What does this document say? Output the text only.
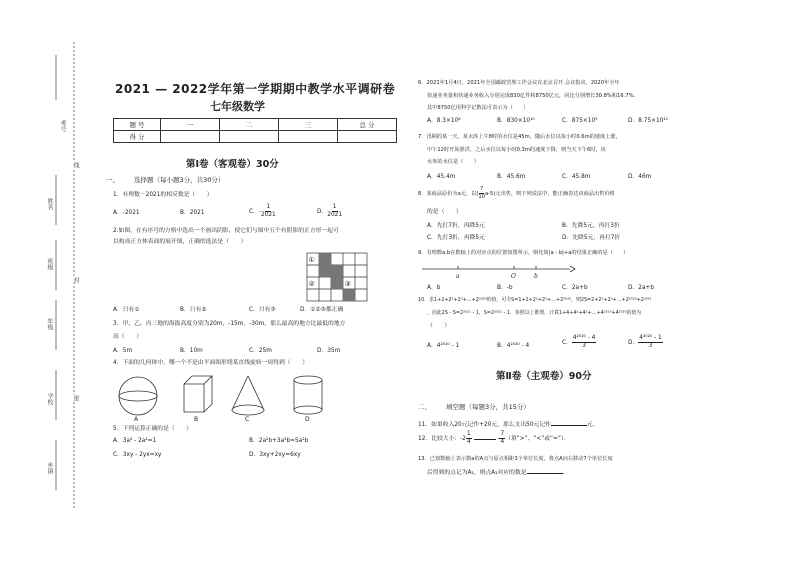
考号
姓名
班级
年级
学校
乡镇
线
封
密
2021 — 2022学年第一学期期中教学水平调研卷
七年级数学
题 号	一	二	三	总 分
得 分				
第Ⅰ卷（客观卷）30分
一、 选择题（每小题3分，共30分）
1．有理数－2021的相反数是（　　）
A．-2021	B．2021	C．- $\frac{1}{2021}$	D． $\frac{1}{2021}$
2.如图，在有序号的方格中选出一个画出阴影，使它们与图中五个有阴影的正方形一起可
以构成正方体表面的展开图，正确的选法是（　　）
①
②	③
A．只有①	B．只有②	C．只有③	D．①②③都正确
3．甲、乙、丙三地的海拔高度分别为20m，-15m，-30m，那么最高的地方比最低的地方
高（　　）
A．5m	B．10m	C．25m	D．35m
4．下面的几何体中，哪一个不是由平面图形绕某直线旋转一周得到（　　）
A	B	C	D
5．下列运算正确的是（　　）
A．3a² - 2a²=1	B．2a²b+3a²b=5a²b
C．3xy - 2yx=xy	D．3xy+2xy=6xy
6．2021年1月4日，2021年全国邮政管理工作会议在北京召开.会议指出，2020年全年
快递业务量和快递业务收入分别完成830亿件和8750亿元，同比分别增长30.8%和16.7%.
其中8750亿用科学记数法可表示为（　　）
A．8.3×10⁸	B．830×10¹⁰	C．875×10⁹	D．8.75×10¹¹
7．汛期的某一天，某水库上午8时的水位是45m，随后水位以每小时0.6m的速度上涨，
中午12时开始泄洪，之后水位以每小时0.3m的速度下降，则当天下午6时，该
水库的水位是（　　）
A．45.4m	B．45.6m	C．45.8m	D．46m
8．某商品原价为a元，以( $\frac{7}{10} a-5$)元出售，则下列说法中，能正确表达该商品出售价格
的是（　　）
A．先打7折，再降5元	B．先降5元，再打3折
C．先打3折，再降5元	D．先降5元，再打7折
9．有理数a,b在数轴上的对应点的位置如图所示，则化简|a - b|+a的结果正确的是（　　）
a	O	b
A．b	B．-b	C．2a+b	D．2a+b
10．求1+2+2²+2³+…+2²⁰²⁰的值，可令S=1+2+2²+2³+…+2²⁰²⁰，则2S=2+2²+2³+…+2²⁰²⁰+2²⁰²¹
，因此2S - S=2²⁰²¹ - 1，S=2²⁰²¹ - 1．参照以上推理，计算1+4+4²+4³+…+4²⁰¹⁹+4²⁰²⁰的值为
（　　）
A．4²⁰²⁰ - 1	B．4²⁰²⁰ - 4	C． $\frac{\text{4²⁰²⁰ - 4}}{3}$	D． $\frac{\text{4²⁰²⁰ - 1}}{3}$
第Ⅱ卷（主观卷）90分
二、 填空题（每题3分，共15分）
11．如果收入20元记作+20元，那么支出50元记作	元．
12．比较大小：$-2 \frac{1}{4}$	- $\frac{7}{4}$ （填“>”、“<”或“=”）．
13．已知数轴上表示数a的A点与原点相距3个单位长度，将点A向右移动7个单位长度
后得到的点记为A₁，则点A₁对应的数是	．
